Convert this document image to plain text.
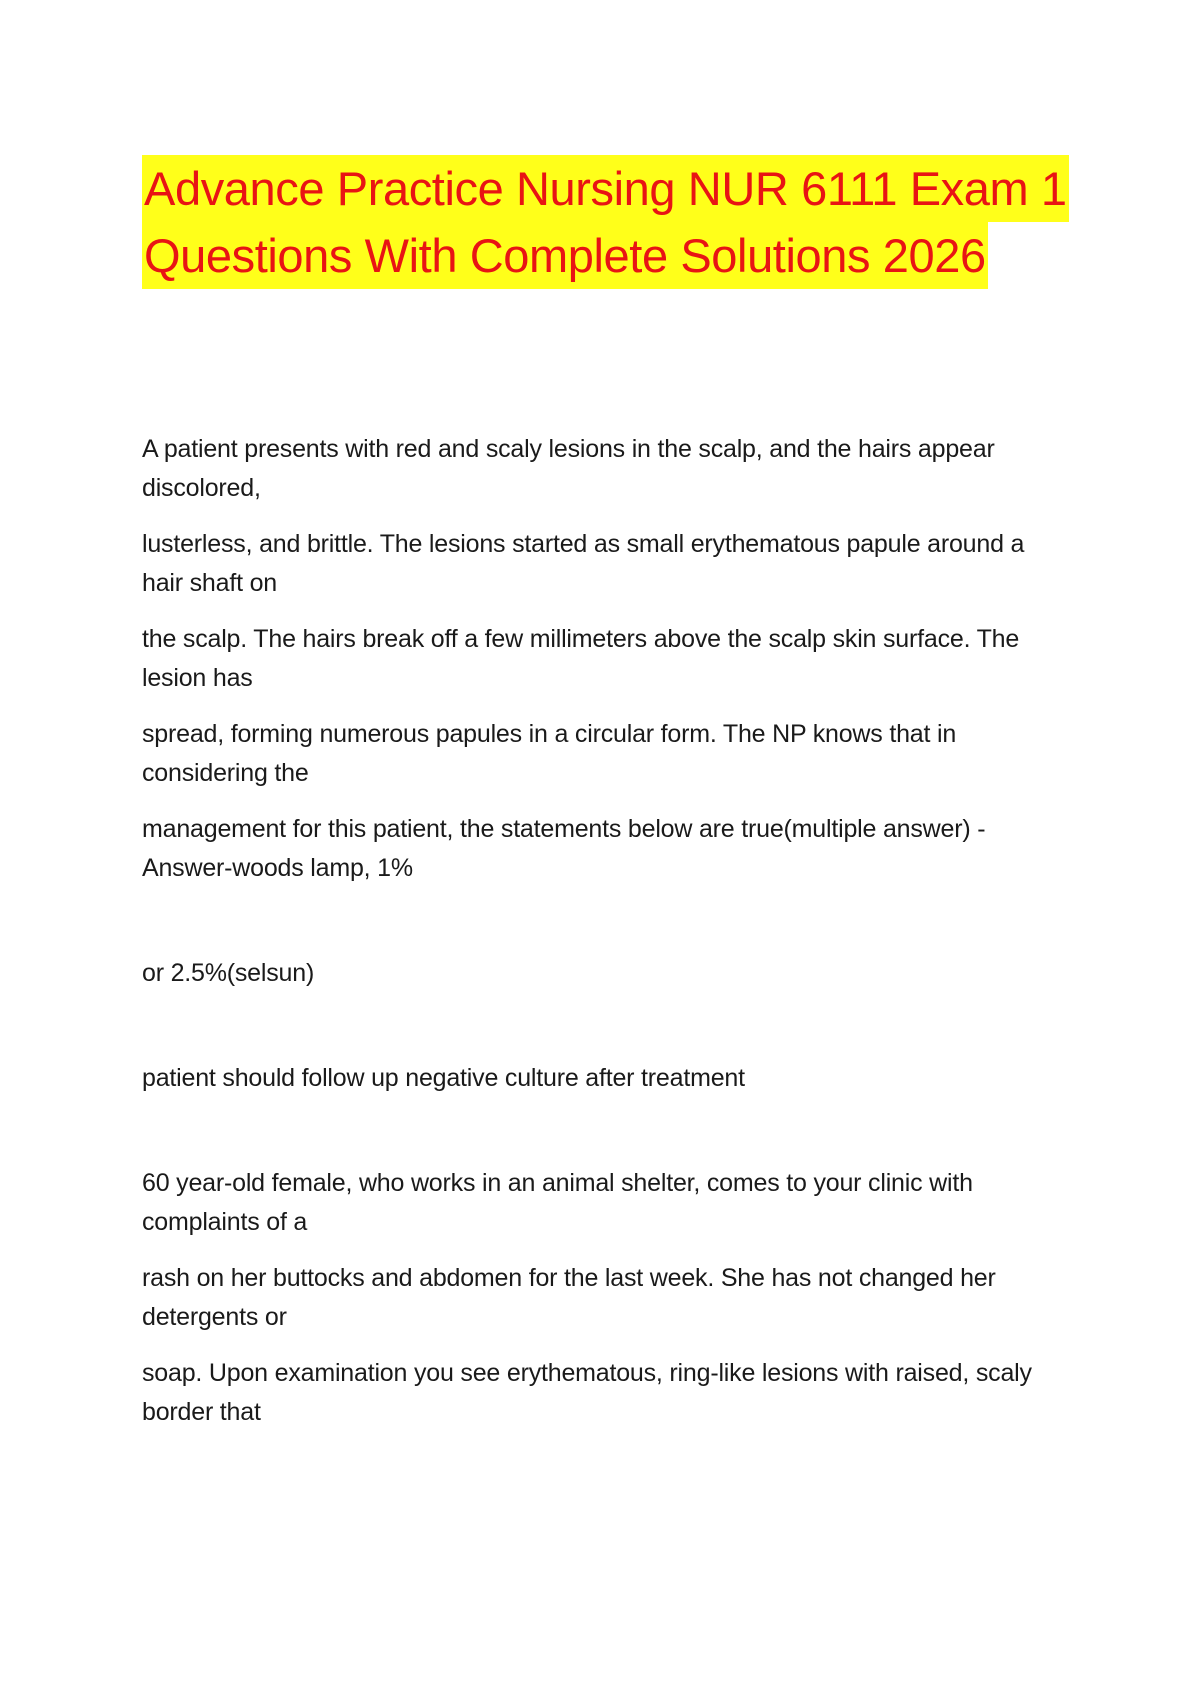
Advance Practice Nursing NUR 6111 Exam 1
Questions With Complete Solutions 2026

A patient presents with red and scaly lesions in the scalp, and the hairs appear
discolored,

lusterless, and brittle. The lesions started as small erythematous papule around a
hair shaft on

the scalp. The hairs break off a few millimeters above the scalp skin surface. The
lesion has

spread, forming numerous papules in a circular form. The NP knows that in
considering the

management for this patient, the statements below are true(multiple answer) -
Answer-woods lamp, 1%

or 2.5%(selsun)

patient should follow up negative culture after treatment

60 year-old female, who works in an animal shelter, comes to your clinic with
complaints of a

rash on her buttocks and abdomen for the last week. She has not changed her
detergents or

soap. Upon examination you see erythematous, ring-like lesions with raised, scaly
border that
